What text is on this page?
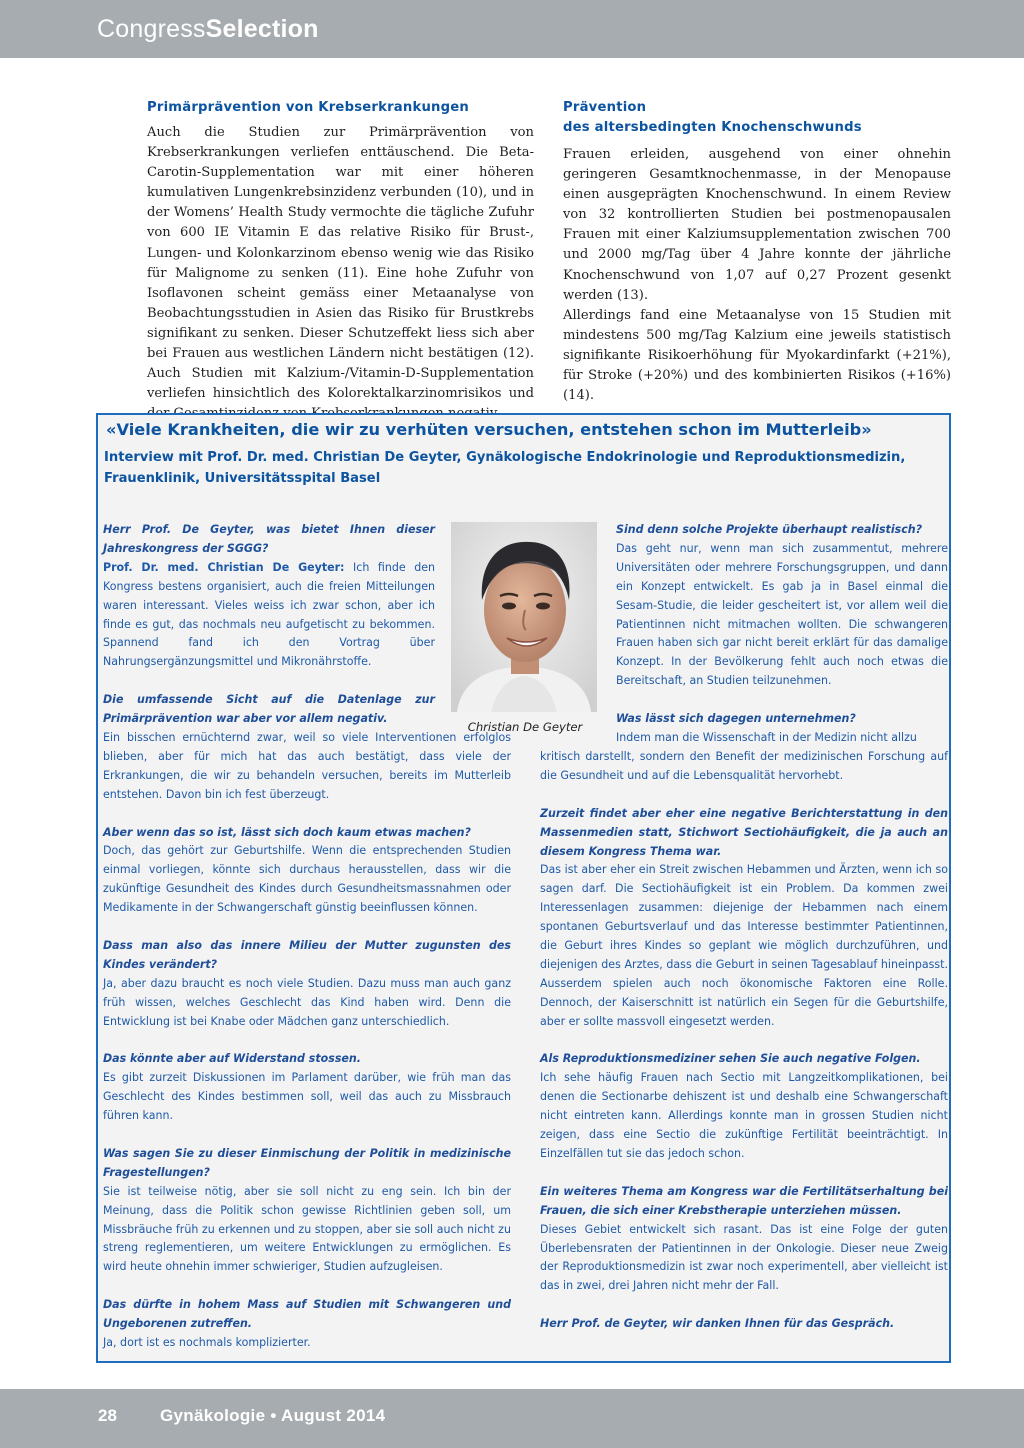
CongressSelection
Primärprävention von Krebserkrankungen

Auch die Studien zur Primärprävention von Krebserkrankungen verliefen enttäuschend. Die Beta-Carotin-Supplementation war mit einer höheren kumulativen Lungenkrebsinzidenz verbunden (10), und in der Womens’ Health Study vermochte die tägliche Zufuhr von 600 IE Vitamin E das relative Risiko für Brust-, Lungen- und Kolonkarzinom ebenso wenig wie das Risiko für Malignome zu senken (11). Eine hohe Zufuhr von Isoflavonen scheint gemäss einer Metaanalyse von Beobachtungsstudien in Asien das Risiko für Brustkrebs signifikant zu senken. Dieser Schutzeffekt liess sich aber bei Frauen aus westlichen Ländern nicht bestätigen (12). Auch Studien mit Kalzium-/Vitamin-D-Supplementation verliefen hinsichtlich des Kolorektalkarzinomrisikos und

Prävention
des altersbedingten Knochenschwunds

Frauen erleiden, ausgehend von einer ohnehin geringeren Gesamtknochenmasse, in der Menopause einen ausgeprägten Knochenschwund. In einem Review von 32 kontrollierten Studien bei postmenopausalen Frauen mit einer Kalziumsupplementation zwischen 700 und 2000 mg/Tag über 4 Jahre konnte der jährliche Knochenschwund von 1,07 auf 0,27 Prozent gesenkt werden (13).

Allerdings fand eine Metaanalyse von 15 Studien mit mindestens 500 mg/Tag Kalzium eine jeweils statistisch signifikante Risikoerhöhung für Myokardinfarkt (+21%), für Stroke (+20%) und des kombinierten Risikos (+16%) (14).

«Viele Krankheiten, die wir zu verhüten versuchen, entstehen schon im Mutterleib»
Interview mit Prof. Dr. med. Christian De Geyter, Gynäkologische Endokrinologie und Reproduktionsmedizin, Frauenklinik, Universitätsspital Basel
Christian De Geyter
Herr Prof. De Geyter, was bietet Ihnen dieser Jahreskongress der SGGG?
Prof. Dr. med. Christian De Geyter: Ich finde den Kongress bestens organisiert, auch die freien Mitteilungen waren interessant. Vieles weiss ich zwar schon, aber ich finde es gut, das nochmals neu aufgetischt zu bekommen. Spannend fand ich den Vortrag über Nahrungsergänzungsmittel und Mikronährstoffe.
Die umfassende Sicht auf die Datenlage zur Primärprävention war aber vor allem negativ.
Ein bisschen ernüchternd zwar, weil so viele Interventionen erfolglos blieben, aber für mich hat das auch bestätigt, dass viele der Erkrankungen, die wir zu behandeln versuchen, bereits im Mutterleib entstehen. Davon bin ich fest überzeugt.
Aber wenn das so ist, lässt sich doch kaum etwas machen?
Doch, das gehört zur Geburtshilfe. Wenn die entsprechenden Studien einmal vorliegen, könnte sich durchaus herausstellen, dass wir die zukünftige Gesundheit des Kindes durch Gesundheitsmassnahmen oder Medikamente in der Schwangerschaft günstig beeinflussen können.
Dass man also das innere Milieu der Mutter zugunsten des Kindes verändert?
Ja, aber dazu braucht es noch viele Studien. Dazu muss man auch ganz früh wissen, welches Geschlecht das Kind haben wird. Denn die Entwicklung ist bei Knabe oder Mädchen ganz unterschiedlich.
Das könnte aber auf Widerstand stossen.
Es gibt zurzeit Diskussionen im Parlament darüber, wie früh man das Geschlecht des Kindes bestimmen soll, weil das auch zu Missbrauch führen kann.
Was sagen Sie zu dieser Einmischung der Politik in medizinische Fragestellungen?
Sie ist teilweise nötig, aber sie soll nicht zu eng sein. Ich bin der Meinung, dass die Politik schon gewisse Richtlinien geben soll, um Missbräuche früh zu erkennen und zu stoppen, aber sie soll auch nicht zu streng reglementieren, um weitere Entwicklungen zu ermöglichen. Es wird heute ohnehin immer schwieriger, Studien aufzugleisen.
Das dürfte in hohem Mass auf Studien mit Schwangeren und Ungeborenen zutreffen.
Ja, dort ist es nochmals komplizierter.
Sind denn solche Projekte überhaupt realistisch?
Das geht nur, wenn man sich zusammentut, mehrere Universitäten oder mehrere Forschungsgruppen, und dann ein Konzept entwickelt. Es gab ja in Basel einmal die Sesam-Studie, die leider gescheitert ist, vor allem weil die Patientinnen nicht mitmachen wollten. Die schwangeren Frauen haben sich gar nicht bereit erklärt für das damalige Konzept. In der Bevölkerung fehlt auch noch etwas die Bereitschaft, an Studien teilzunehmen.
Was lässt sich dagegen unternehmen?
Indem man die Wissenschaft in der Medizin nicht allzu
kritisch darstellt, sondern den Benefit der medizinischen Forschung auf die Gesundheit und auf die Lebensqualität hervorhebt.
Zurzeit findet aber eher eine negative Berichterstattung in den Massenmedien statt, Stichwort Sectiohäufigkeit, die ja auch an diesem Kongress Thema war.
Das ist aber eher ein Streit zwischen Hebammen und Ärzten, wenn ich so sagen darf. Die Sectiohäufigkeit ist ein Problem. Da kommen zwei Interessenlagen zusammen: diejenige der Hebammen nach einem spontanen Geburtsverlauf und das Interesse bestimmter Patientinnen, die Geburt ihres Kindes so geplant wie möglich durchzuführen, und diejenigen des Arztes, dass die Geburt in seinen Tagesablauf hineinpasst. Ausserdem spielen auch noch ökonomische Faktoren eine Rolle. Dennoch, der Kaiserschnitt ist natürlich ein Segen für die Geburtshilfe, aber er sollte massvoll eingesetzt werden.
Als Reproduktionsmediziner sehen Sie auch negative Folgen.
Ich sehe häufig Frauen nach Sectio mit Langzeitkomplikationen, bei denen die Sectionarbe dehiszent ist und deshalb eine Schwangerschaft nicht eintreten kann. Allerdings konnte man in grossen Studien nicht zeigen, dass eine Sectio die zukünftige Fertilität beeinträchtigt. In Einzelfällen tut sie das jedoch schon.
Ein weiteres Thema am Kongress war die Fertilitätserhaltung bei Frauen, die sich einer Krebstherapie unterziehen müssen.
Dieses Gebiet entwickelt sich rasant. Das ist eine Folge der guten Überlebensraten der Patientinnen in der Onkologie. Dieser neue Zweig der Reproduktionsmedizin ist zwar noch experimentell, aber vielleicht ist das in zwei, drei Jahren nicht mehr der Fall.
Herr Prof. de Geyter, wir danken Ihnen für das Gespräch.
28	Gynäkologie • August 2014
